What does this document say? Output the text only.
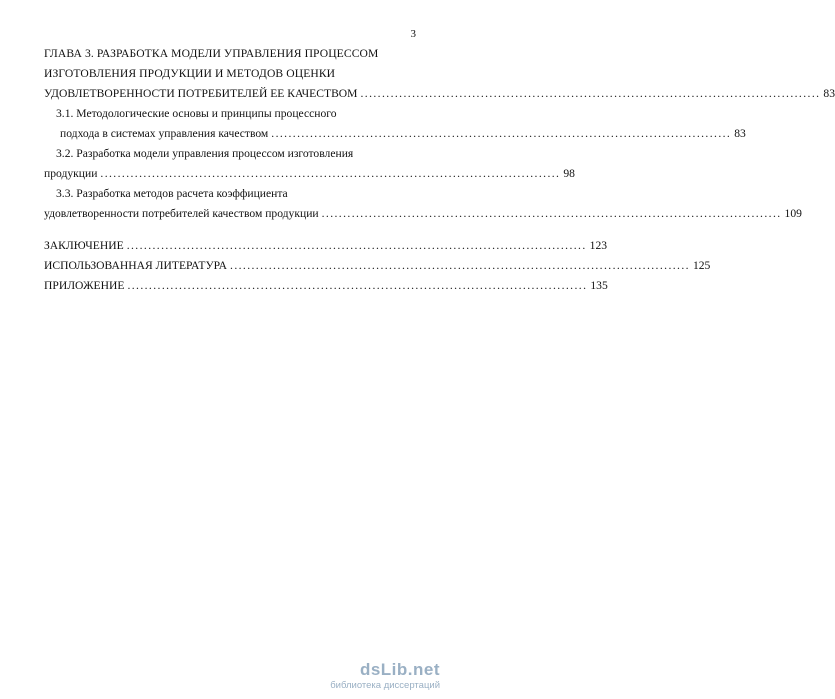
3
ГЛАВА 3. РАЗРАБОТКА МОДЕЛИ УПРАВЛЕНИЯ ПРОЦЕССОМ
ИЗГОТОВЛЕНИЯ ПРОДУКЦИИ И МЕТОДОВ ОЦЕНКИ
УДОВЛЕТВОРЕННОСТИ ПОТРЕБИТЕЛЕЙ ЕЕ КАЧЕСТВОМ ........................................................................................................... 83
3.1. Методологические основы и принципы процессного
подхода в системах управления качеством ........................................................................................................... 83
3.2. Разработка модели управления процессом изготовления
продукции ........................................................................................................... 98
3.3. Разработка методов расчета коэффициента
удовлетворенности потребителей качеством продукции ........................................................................................................... 109
ЗАКЛЮЧЕНИЕ ........................................................................................................... 123
ИСПОЛЬЗОВАННАЯ ЛИТЕРАТУРА ........................................................................................................... 125
ПРИЛОЖЕНИЕ ........................................................................................................... 135
dsLib.net
библиотека диссертаций
